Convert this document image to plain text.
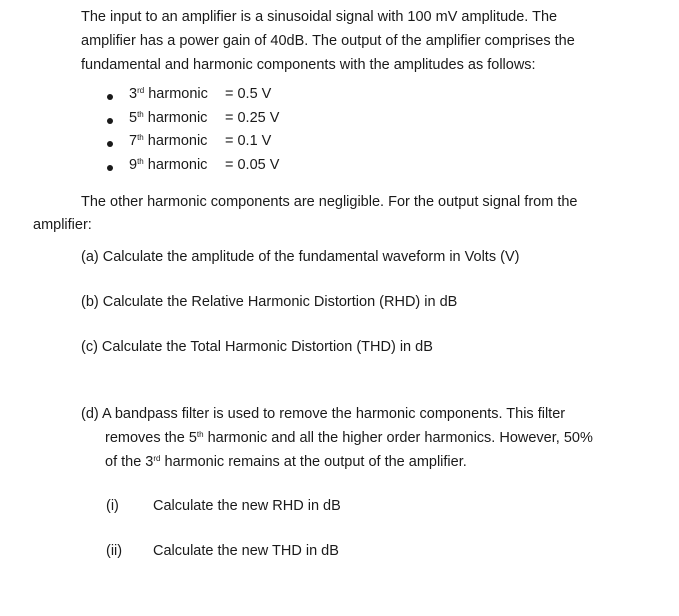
The input to an amplifier is a sinusoidal signal with 100 mV amplitude. The
amplifier has a power gain of 40dB. The output of the amplifier comprises the
fundamental and harmonic components with the amplitudes as follows:
3rd harmonic = 0.5 V
5th harmonic = 0.25 V
7th harmonic = 0.1 V
9th harmonic = 0.05 V
The other harmonic components are negligible. For the output signal from the
amplifier:
(a) Calculate the amplitude of the fundamental waveform in Volts (V)
(b) Calculate the Relative Harmonic Distortion (RHD) in dB
(c) Calculate the Total Harmonic Distortion (THD) in dB
(d) A bandpass filter is used to remove the harmonic components. This filter
removes the 5th harmonic and all the higher order harmonics. However, 50%
of the 3rd harmonic remains at the output of the amplifier.
(i) Calculate the new RHD in dB
(ii) Calculate the new THD in dB
